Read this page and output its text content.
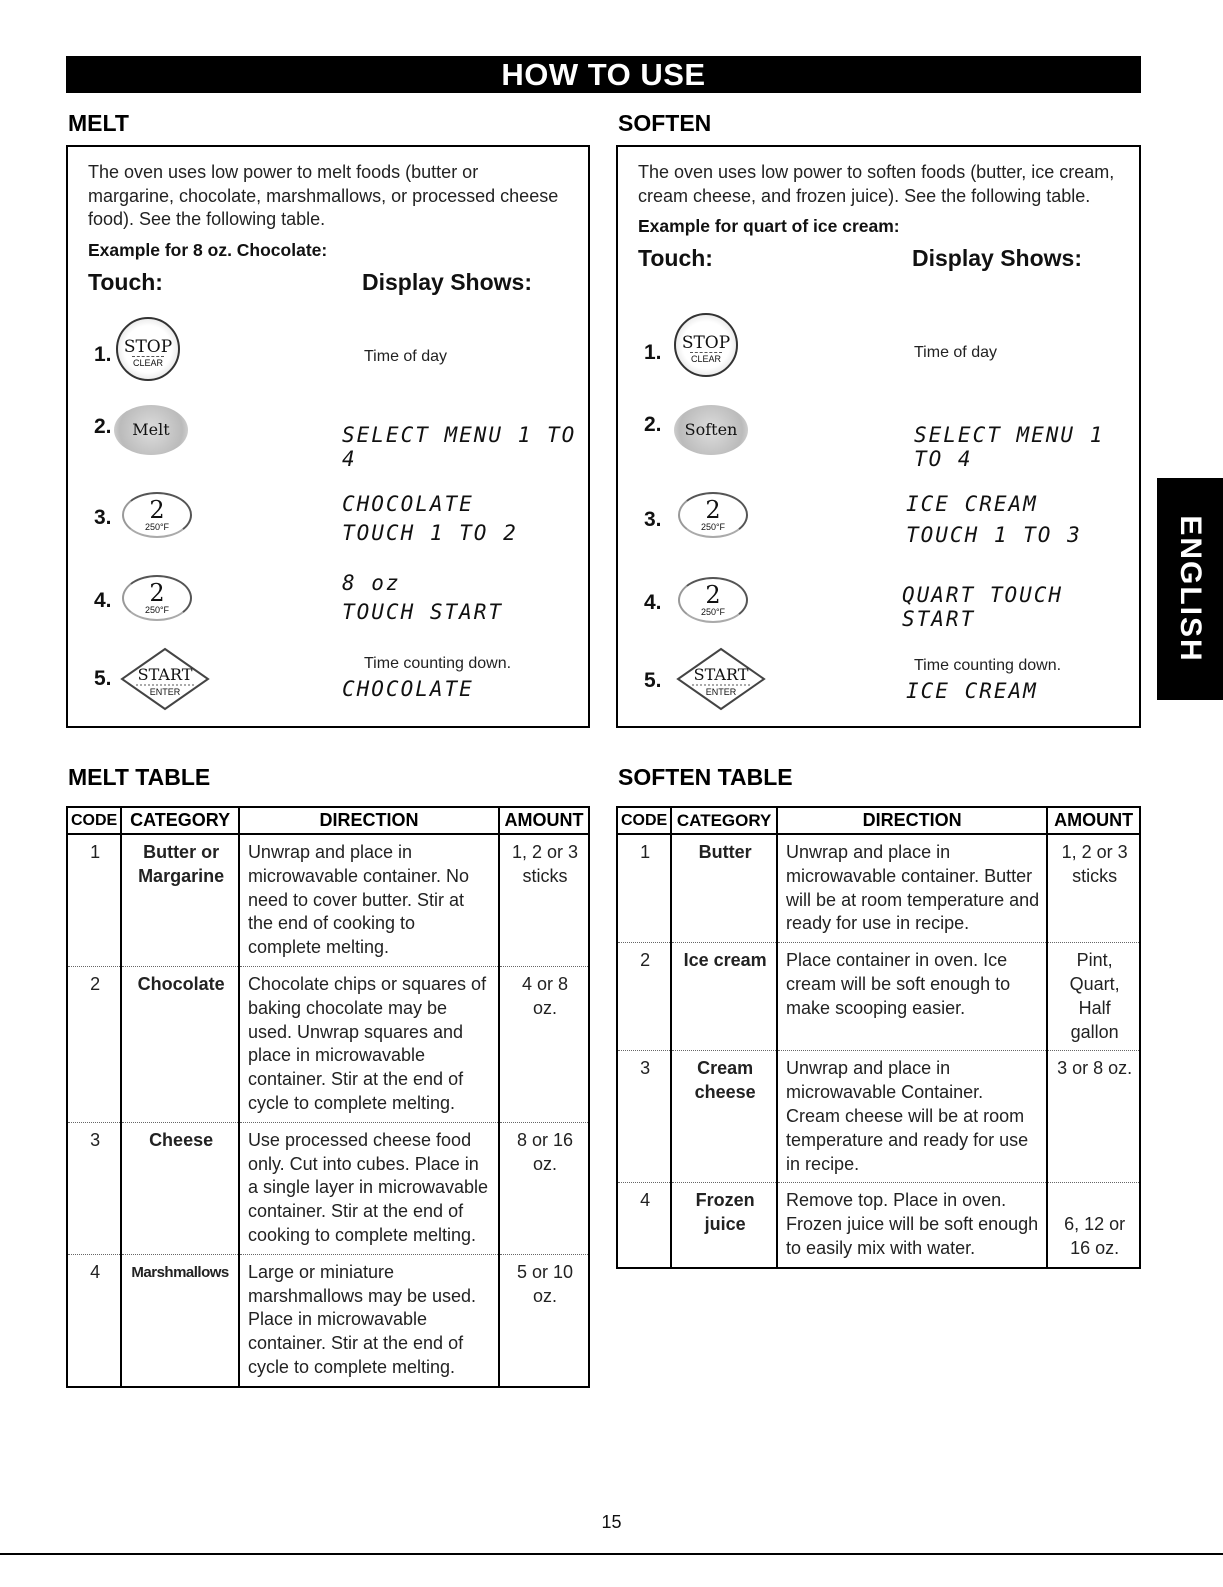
HOW TO USE
MELT
The oven uses low power to melt foods (butter or margarine, chocolate, marshmallows, or processed cheese food). See the following table.
Example for 8 oz. Chocolate:
Touch:	Display Shows:
1. STOP
CLEAR	Time of day
2.	Melt	SELECT MENU 1 TO 4
3.	2
250°F
CHOCOLATE
TOUCH 1 TO 2
4.	2
250°F
8 oz
TOUCH START
5.	START
ENTER
Time counting down.
CHOCOLATE
SOFTEN
The oven uses low power to soften foods (butter, ice cream, cream cheese, and frozen juice). See the following table.
Example for quart of ice cream:
Touch:	Display Shows:
1.	STOP
CLEAR	Time of day
2.	Soften	SELECT MENU 1 TO 4
3.	2
250°F
ICE CREAM
TOUCH 1 TO 3
4.	2
250°F
QUART TOUCH START
5.	START
ENTER
Time counting down.
ICE CREAM
MELT TABLE
CODE	CATEGORY	DIRECTION	AMOUNT
1	Butter or Margarine	Unwrap and place in microwavable container. No need to cover butter. Stir at the end of cooking to complete melting.	1, 2 or 3 sticks
2	Chocolate	Chocolate chips or squares of baking chocolate may be used. Unwrap squares and place in microwavable container. Stir at the end of cycle to complete melting.	4 or 8 oz.
3	Cheese	Use processed cheese food only. Cut into cubes. Place in a single layer in microwavable container. Stir at the end of cooking to complete melting.	8 or 16 oz.
4	Marshmallows	Large or miniature marshmallows may be used. Place in microwavable container. Stir at the end of cycle to complete melting.	5 or 10 oz.
SOFTEN TABLE
CODE	CATEGORY	DIRECTION	AMOUNT
1	Butter	Unwrap and place in microwavable container. Butter will be at room temperature and ready for use in recipe.	1, 2 or 3 sticks
2	Ice cream	Place container in oven. Ice cream will be soft enough to make scooping easier.	Pint, Quart, Half gallon
3	Cream cheese	Unwrap and place in microwavable Container. Cream cheese will be at room temperature and ready for use in recipe.	3 or 8 oz.
4	Frozen juice	Remove top. Place in oven. Frozen juice will be soft enough to easily mix with water.	6, 12 or 16 oz.
ENGLISH
15
